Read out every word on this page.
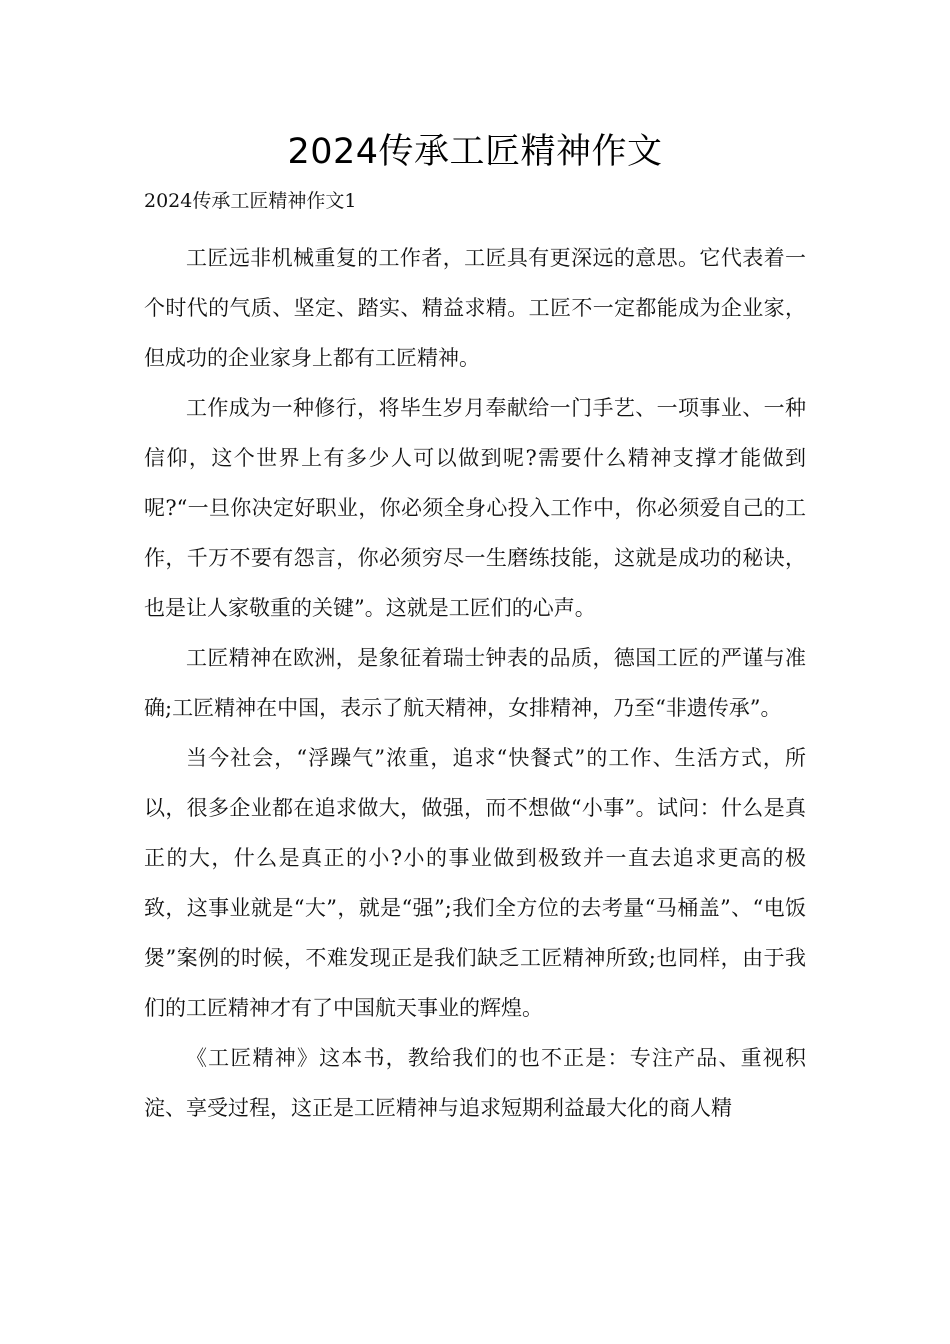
2024传承工匠精神作文
2024传承工匠精神作文1

工匠远非机械重复的工作者，工匠具有更深远的意思。它代表着一个时代的气质、坚定、踏实、精益求精。工匠不一定都能成为企业家，但成功的企业家身上都有工匠精神。

工作成为一种修行，将毕生岁月奉献给一门手艺、一项事业、一种信仰，这个世界上有多少人可以做到呢?需要什么精神支撑才能做到呢?“一旦你决定好职业，你必须全身心投入工作中，你必须爱自己的工作，千万不要有怨言，你必须穷尽一生磨练技能，这就是成功的秘诀，也是让人家敬重的关键”。这就是工匠们的心声。

工匠精神在欧洲，是象征着瑞士钟表的品质，德国工匠的严谨与准确;工匠精神在中国，表示了航天精神，女排精神，乃至“非遗传承”。

当今社会，“浮躁气”浓重，追求“快餐式”的工作、生活方式，所以，很多企业都在追求做大，做强，而不想做“小事”。试问：什么是真正的大，什么是真正的小?小的事业做到极致并一直去追求更高的极致，这事业就是“大”，就是“强”;我们全方位的去考量“马桶盖”、“电饭煲”案例的时候，不难发现正是我们缺乏工匠精神所致;也同样，由于我们的工匠精神才有了中国航天事业的辉煌。

《工匠精神》这本书，教给我们的也不正是：专注产品、重视积淀、享受过程，这正是工匠精神与追求短期利益最大化的商人精
